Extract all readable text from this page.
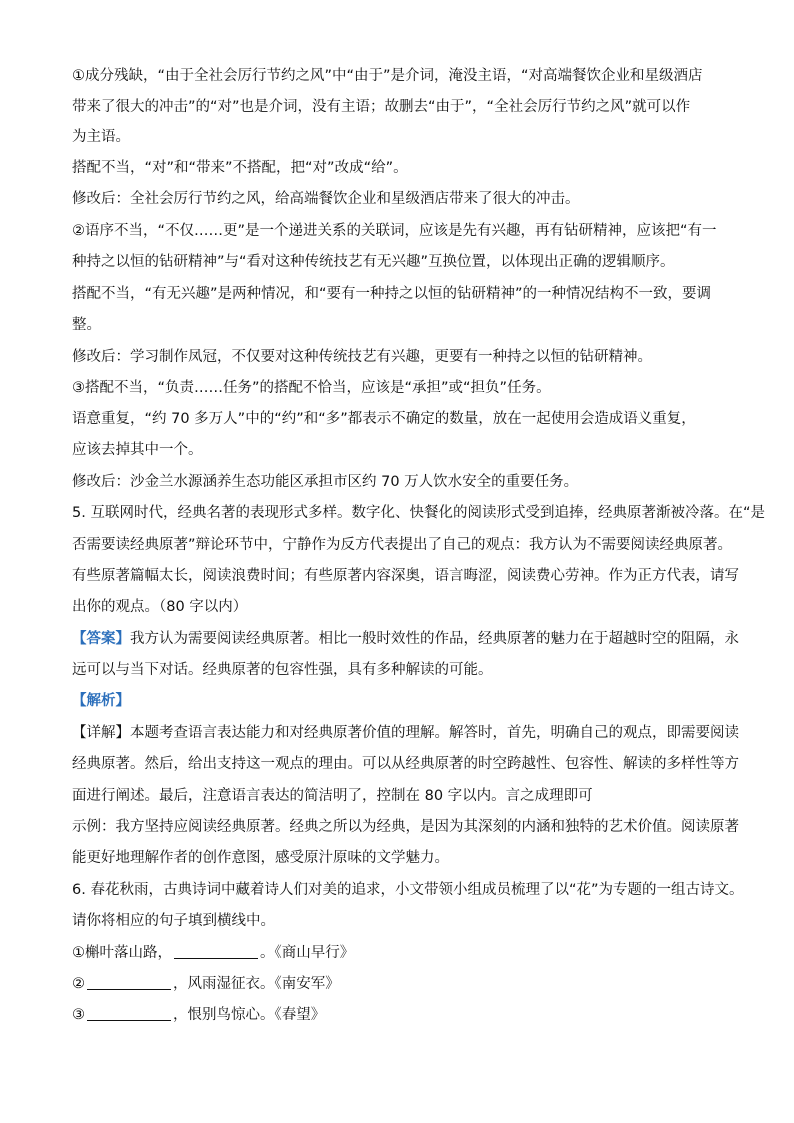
①成分残缺，“由于全社会厉行节约之风”中“由于”是介词，淹没主语，“对高端餐饮企业和星级酒店
带来了很大的冲击”的“对”也是介词，没有主语；故删去“由于”，“全社会厉行节约之风”就可以作
为主语。
搭配不当，“对”和“带来”不搭配，把“对”改成“给”。
修改后：全社会厉行节约之风，给高端餐饮企业和星级酒店带来了很大的冲击。
②语序不当，“不仅……更”是一个递进关系的关联词，应该是先有兴趣，再有钻研精神，应该把“有一
种持之以恒的钻研精神”与“看对这种传统技艺有无兴趣”互换位置，以体现出正确的逻辑顺序。
搭配不当，“有无兴趣”是两种情况，和“要有一种持之以恒的钻研精神”的一种情况结构不一致，要调
整。
修改后：学习制作凤冠，不仅要对这种传统技艺有兴趣，更要有一种持之以恒的钻研精神。
③搭配不当，“负责……任务”的搭配不恰当，应该是“承担”或“担负”任务。
语意重复，“约 70 多万人”中的“约”和“多”都表示不确定的数量，放在一起使用会造成语义重复，
应该去掉其中一个。
修改后：沙金兰水源涵养生态功能区承担市区约 70 万人饮水安全的重要任务。
5. 互联网时代，经典名著的表现形式多样。数字化、快餐化的阅读形式受到追捧，经典原著渐被冷落。在“是
否需要读经典原著”辩论环节中，宁静作为反方代表提出了自己的观点：我方认为不需要阅读经典原著。
有些原著篇幅太长，阅读浪费时间；有些原著内容深奥，语言晦涩，阅读费心劳神。作为正方代表，请写
出你的观点。（80 字以内）
【答案】我方认为需要阅读经典原著。相比一般时效性的作品，经典原著的魅力在于超越时空的阻隔，永
远可以与当下对话。经典原著的包容性强，具有多种解读的可能。
【解析】
【详解】本题考查语言表达能力和对经典原著价值的理解。解答时，首先，明确自己的观点，即需要阅读
经典原著。然后，给出支持这一观点的理由。可以从经典原著的时空跨越性、包容性、解读的多样性等方
面进行阐述。最后，注意语言表达的简洁明了，控制在 80 字以内。言之成理即可
示例：我方坚持应阅读经典原著。经典之所以为经典，是因为其深刻的内涵和独特的艺术价值。阅读原著
能更好地理解作者的创作意图，感受原汁原味的文学魅力。
6. 春花秋雨，古典诗词中藏着诗人们对美的追求，小文带领小组成员梳理了以“花”为专题的一组古诗文。
请你将相应的句子填到横线中。
①槲叶落山路，	。《商山早行》
②	，风雨湿征衣。《南安军》
③	，恨别鸟惊心。《春望》
